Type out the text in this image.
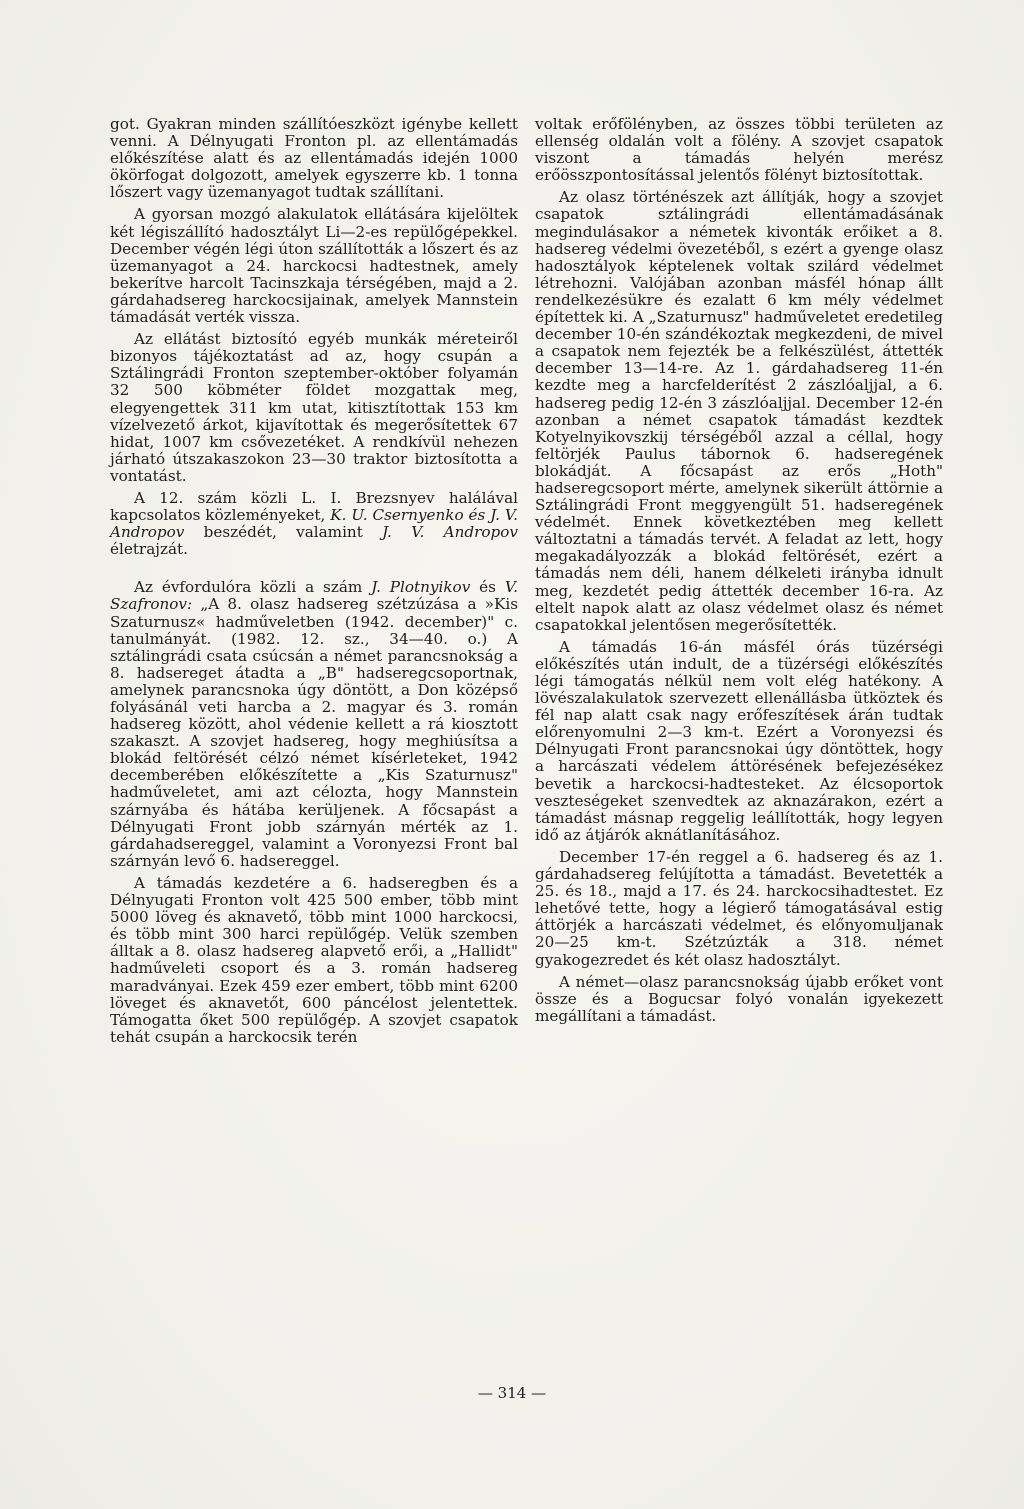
got. Gyakran minden szállítóeszközt igénybe kellett venni. A Délnyugati Fronton pl. az ellentámadás előkészítése alatt és az ellentámadás idején 1000 ökörfogat dolgozott, amelyek egyszerre kb. 1 tonna lőszert vagy üzemanyagot tudtak szállítani.

A gyorsan mozgó alakulatok ellátására kijelöltek két légiszállító hadosztályt Li—2-es repülőgépekkel. December végén légi úton szállították a lőszert és az üzemanyagot a 24. harckocsi hadtestnek, amely bekerítve harcolt Tacinszkaja térségében, majd a 2. gárdahadsereg harckocsijainak, amelyek Mannstein támadását verték vissza.

Az ellátást biztosító egyéb munkák méreteiről bizonyos tájékoztatást ad az, hogy csupán a Sztálingrádi Fronton szeptember-október folyamán 32 500 köbméter földet mozgattak meg, elegyengettek 311 km utat, kitisztítottak 153 km vízelvezető árkot, kijavítottak és megerősítettek 67 hidat, 1007 km csővezetéket. A rendkívül nehezen járható útszakaszokon 23—30 traktor biztosította a vontatást.

A 12. szám közli L. I. Brezsnyev halálával kapcsolatos közleményeket, K. U. Csernyenko és J. V. Andropov beszédét, valamint J. V. Andropov életrajzát.

Az évfordulóra közli a szám J. Plotnyikov és V. Szafronov: „A 8. olasz hadsereg szétzúzása a »Kis Szaturnusz« hadműveletben (1942. december)" c. tanulmányát. (1982. 12. sz., 34—40. o.) A sztálingrádi csata csúcsán a német parancsnokság a 8. hadsereget átadta a „B" hadseregcsoportnak, amelynek parancsnoka úgy döntött, a Don középső folyásánál veti harcba a 2. magyar és 3. román hadsereg között, ahol védenie kellett a rá kiosztott szakaszt. A szovjet hadsereg, hogy meghiúsítsa a blokád feltörését célzó német kísérleteket, 1942 decemberében előkészítette a „Kis Szaturnusz" hadműveletet, ami azt célozta, hogy Mannstein szárnyába és hátába kerüljenek. A főcsapást a Délnyugati Front jobb szárnyán mérték az 1. gárdahadsereggel, valamint a Voronyezsi Front bal szárnyán levő 6. hadsereggel.

A támadás kezdetére a 6. hadseregben és a Délnyugati Fronton volt 425 500 ember, több mint 5000 löveg és aknavető, több mint 1000 harckocsi, és több mint 300 harci repülőgép. Velük szemben álltak a 8. olasz hadsereg alapvető erői, a „Hallidt" hadműveleti csoport és a 3. román hadsereg maradványai. Ezek 459 ezer embert, több mint 6200 löveget és aknavetőt, 600 páncélost jelentettek. Támogatta őket 500 repülőgép. A szovjet csapatok tehát csupán a harckocsik terén

voltak erőfölényben, az összes többi területen az ellenség oldalán volt a fölény. A szovjet csapatok viszont a támadás helyén merész erőösszpontosítással jelentős fölényt biztosítottak.

Az olasz történészek azt állítják, hogy a szovjet csapatok sztálingrádi ellentámadásának megindulásakor a németek kivonták erőiket a 8. hadsereg védelmi övezetéből, s ezért a gyenge olasz hadosztályok képtelenek voltak szilárd védelmet létrehozni. Valójában azonban másfél hónap állt rendelkezésükre és ezalatt 6 km mély védelmet építettek ki. A „Szaturnusz" hadműveletet eredetileg december 10-én szándékoztak megkezdeni, de mivel a csapatok nem fejezték be a felkészülést, áttették december 13—14-re. Az 1. gárdahadsereg 11-én kezdte meg a harcfelderítést 2 zászlóaljjal, a 6. hadsereg pedig 12-én 3 zászlóaljjal. December 12-én azonban a német csapatok támadást kezdtek Kotyelnyikovszkij térségéből azzal a céllal, hogy feltörjék Paulus tábornok 6. hadseregének blokádját. A főcsapást az erős „Hoth" hadseregcsoport mérte, amelynek sikerült áttörnie a Sztálingrádi Front meggyengült 51. hadseregének védelmét. Ennek következtében meg kellett változtatni a támadás tervét. A feladat az lett, hogy megakadályozzák a blokád feltörését, ezért a támadás nem déli, hanem délkeleti irányba idnult meg, kezdetét pedig áttették december 16-ra. Az eltelt napok alatt az olasz védelmet olasz és német csapatokkal jelentősen megerősítették.

A támadás 16-án másfél órás tüzérségi előkészítés után indult, de a tüzérségi előkészítés légi támogatás nélkül nem volt elég hatékony. A lövészalakulatok szervezett ellenállásba ütköztek és fél nap alatt csak nagy erőfeszítések árán tudtak előrenyomulni 2—3 km-t. Ezért a Voronyezsi és Délnyugati Front parancsnokai úgy döntöttek, hogy a harcászati védelem áttörésének befejezésékez bevetik a harckocsi-hadtesteket. Az élcsoportok veszteségeket szenvedtek az aknazárakon, ezért a támadást másnap reggelig leállították, hogy legyen idő az átjárók aknátlanításához.

December 17-én reggel a 6. hadsereg és az 1. gárdahadsereg felújította a támadást. Bevetették a 25. és 18., majd a 17. és 24. harckocsihadtestet. Ez lehetővé tette, hogy a légierő támogatásával estig áttörjék a harcászati védelmet, és előnyomuljanak 20—25 km-t. Szétzúzták a 318. német gyakogezredet és két olasz hadosztályt.

A német—olasz parancsnokság újabb erőket vont össze és a Bogucsar folyó vonalán igyekezett megállítani a támadást.

— 314 —
